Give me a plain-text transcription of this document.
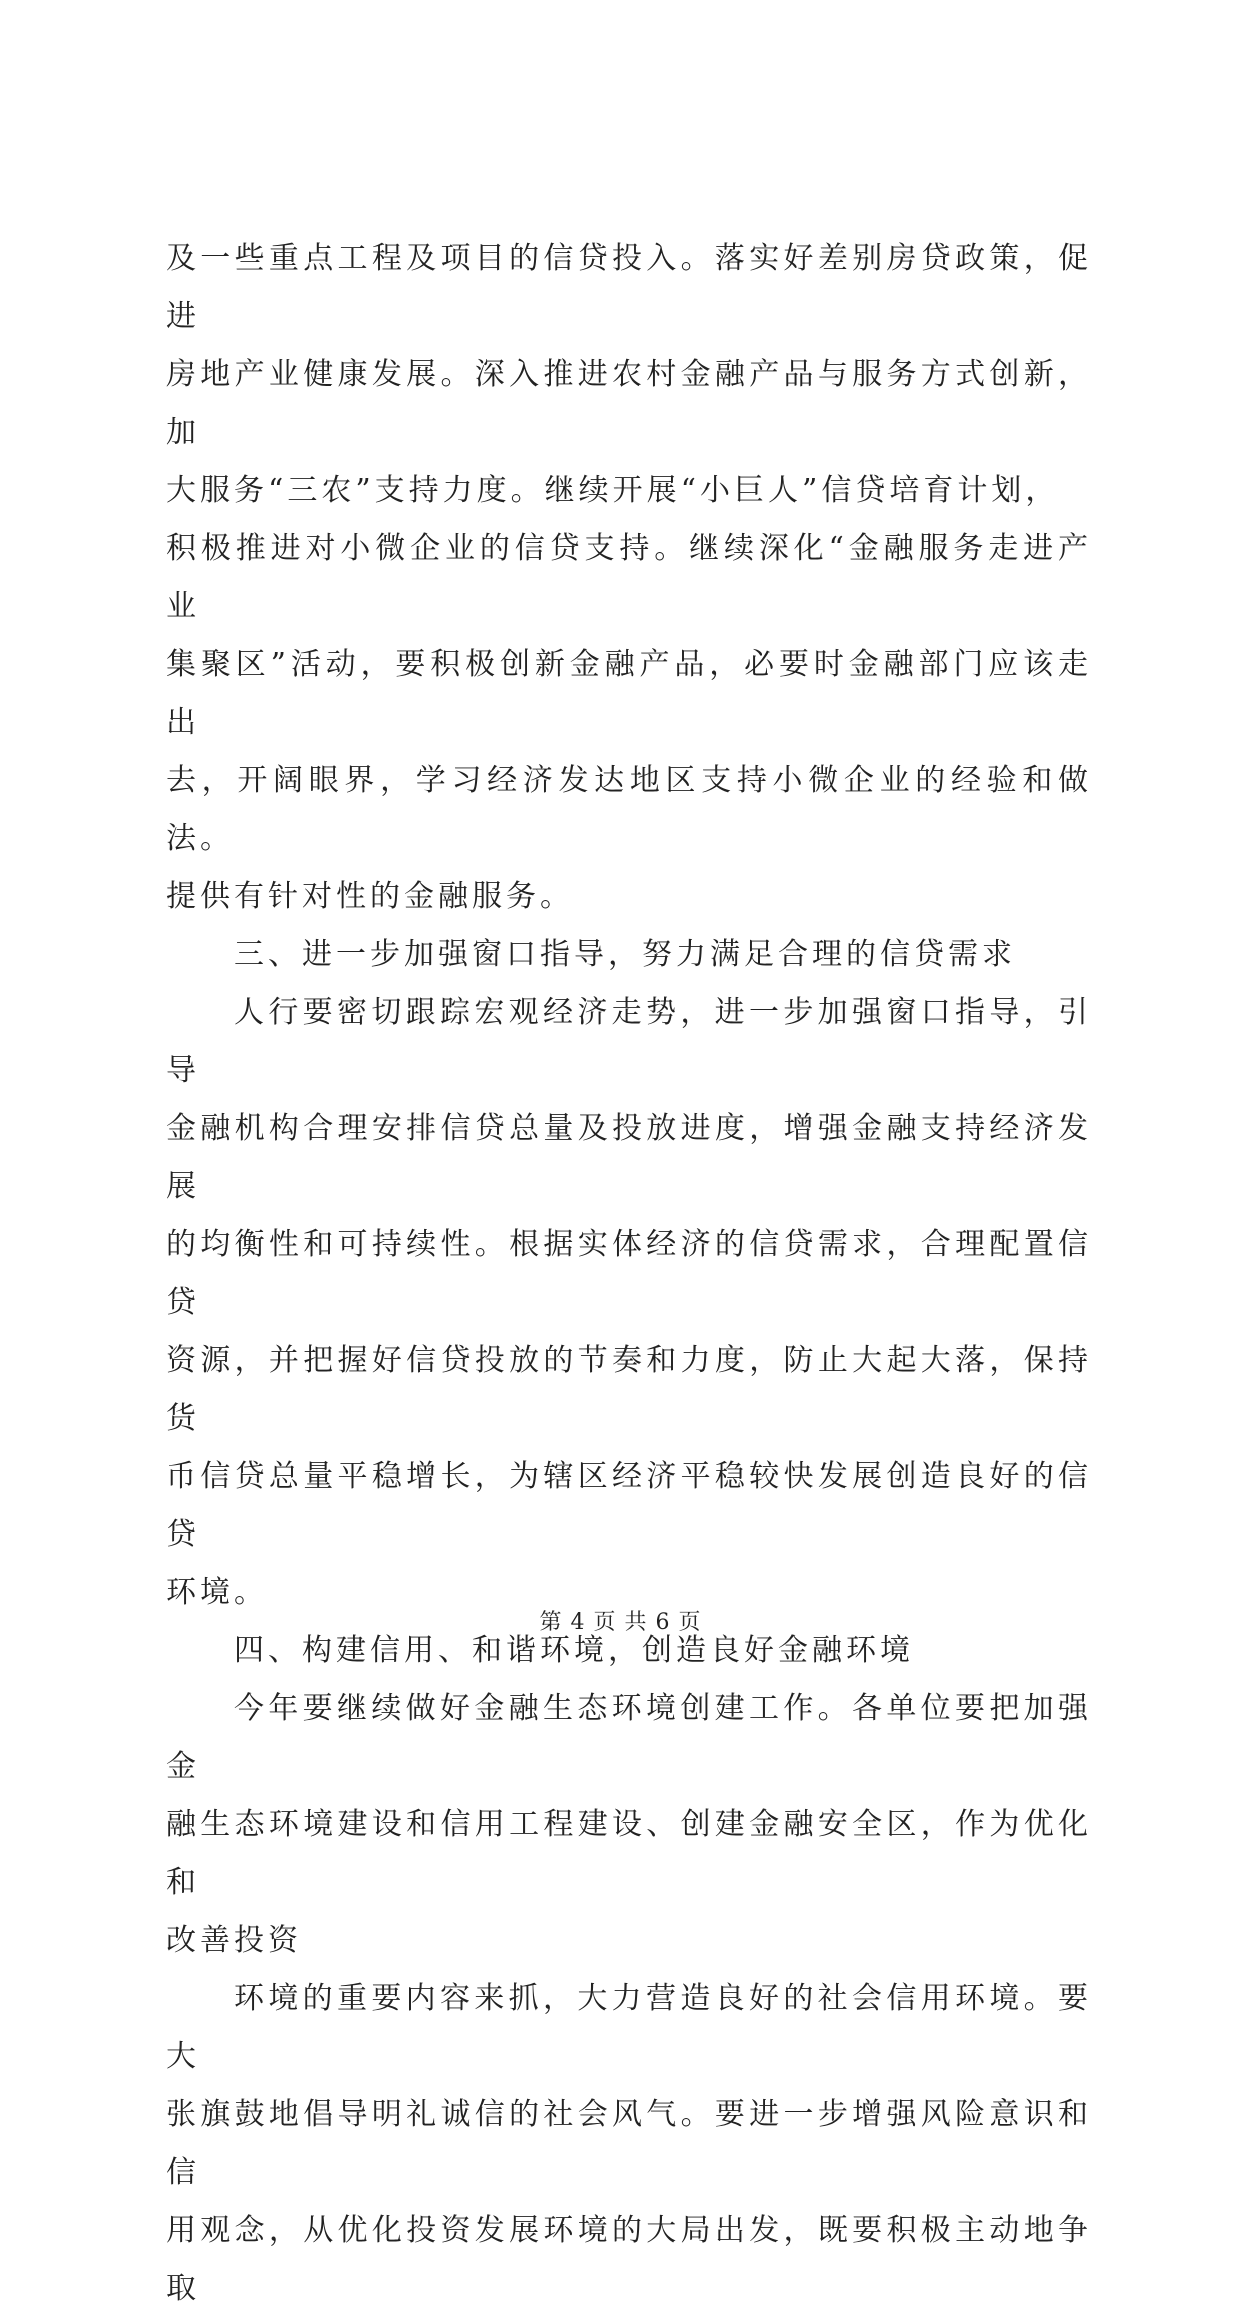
及一些重点工程及项目的信贷投入。落实好差别房贷政策，促进
房地产业健康发展。深入推进农村金融产品与服务方式创新，加
大服务“三农”支持力度。继续开展“小巨人”信贷培育计划，
积极推进对小微企业的信贷支持。继续深化“金融服务走进产业
集聚区”活动，要积极创新金融产品，必要时金融部门应该走出
去，开阔眼界，学习经济发达地区支持小微企业的经验和做法。
提供有针对性的金融服务。
三、进一步加强窗口指导，努力满足合理的信贷需求
人行要密切跟踪宏观经济走势，进一步加强窗口指导，引导
金融机构合理安排信贷总量及投放进度，增强金融支持经济发展
的均衡性和可持续性。根据实体经济的信贷需求，合理配置信贷
资源，并把握好信贷投放的节奏和力度，防止大起大落，保持货
币信贷总量平稳增长，为辖区经济平稳较快发展创造良好的信贷
环境。
四、构建信用、和谐环境，创造良好金融环境
今年要继续做好金融生态环境创建工作。各单位要把加强金
融生态环境建设和信用工程建设、创建金融安全区，作为优化和
改善投资
环境的重要内容来抓，大力营造良好的社会信用环境。要大
张旗鼓地倡导明礼诚信的社会风气。要进一步增强风险意识和信
用观念，从优化投资发展环境的大局出发，既要积极主动地争取
第 4 页 共 6 页
